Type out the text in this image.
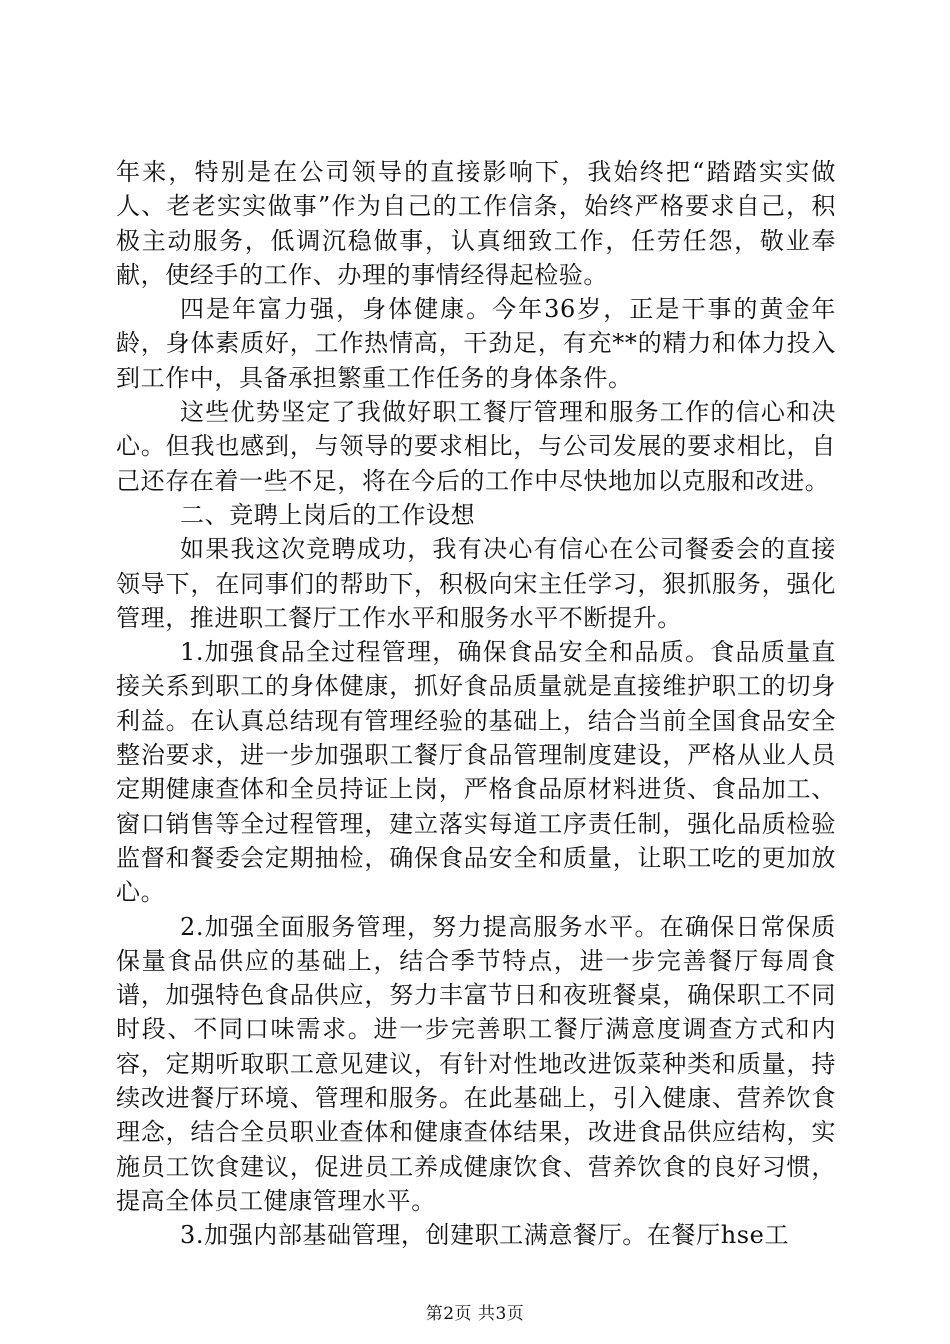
年来，特别是在公司领导的直接影响下，我始终把“踏踏实实做人、老老实实做事”作为自己的工作信条，始终严格要求自己，积极主动服务，低调沉稳做事，认真细致工作，任劳任怨，敬业奉献，使经手的工作、办理的事情经得起检验。

四是年富力强，身体健康。今年36岁，正是干事的黄金年龄，身体素质好，工作热情高，干劲足，有充**的精力和体力投入到工作中，具备承担繁重工作任务的身体条件。

这些优势坚定了我做好职工餐厅管理和服务工作的信心和决心。但我也感到，与领导的要求相比，与公司发展的要求相比，自己还存在着一些不足，将在今后的工作中尽快地加以克服和改进。

二、竞聘上岗后的工作设想

如果我这次竞聘成功，我有决心有信心在公司餐委会的直接领导下，在同事们的帮助下，积极向宋主任学习，狠抓服务，强化管理，推进职工餐厅工作水平和服务水平不断提升。

1.加强食品全过程管理，确保食品安全和品质。食品质量直接关系到职工的身体健康，抓好食品质量就是直接维护职工的切身利益。在认真总结现有管理经验的基础上，结合当前全国食品安全整治要求，进一步加强职工餐厅食品管理制度建设，严格从业人员定期健康查体和全员持证上岗，严格食品原材料进货、食品加工、窗口销售等全过程管理，建立落实每道工序责任制，强化品质检验监督和餐委会定期抽检，确保食品安全和质量，让职工吃的更加放心。

2.加强全面服务管理，努力提高服务水平。在确保日常保质保量食品供应的基础上，结合季节特点，进一步完善餐厅每周食谱，加强特色食品供应，努力丰富节日和夜班餐桌，确保职工不同时段、不同口味需求。进一步完善职工餐厅满意度调查方式和内容，定期听取职工意见建议，有针对性地改进饭菜种类和质量，持续改进餐厅环境、管理和服务。在此基础上，引入健康、营养饮食理念，结合全员职业查体和健康查体结果，改进食品供应结构，实施员工饮食建议，促进员工养成健康饮食、营养饮食的良好习惯，提高全体员工健康管理水平。

3.加强内部基础管理，创建职工满意餐厅。在餐厅hse工

第2页 共3页
